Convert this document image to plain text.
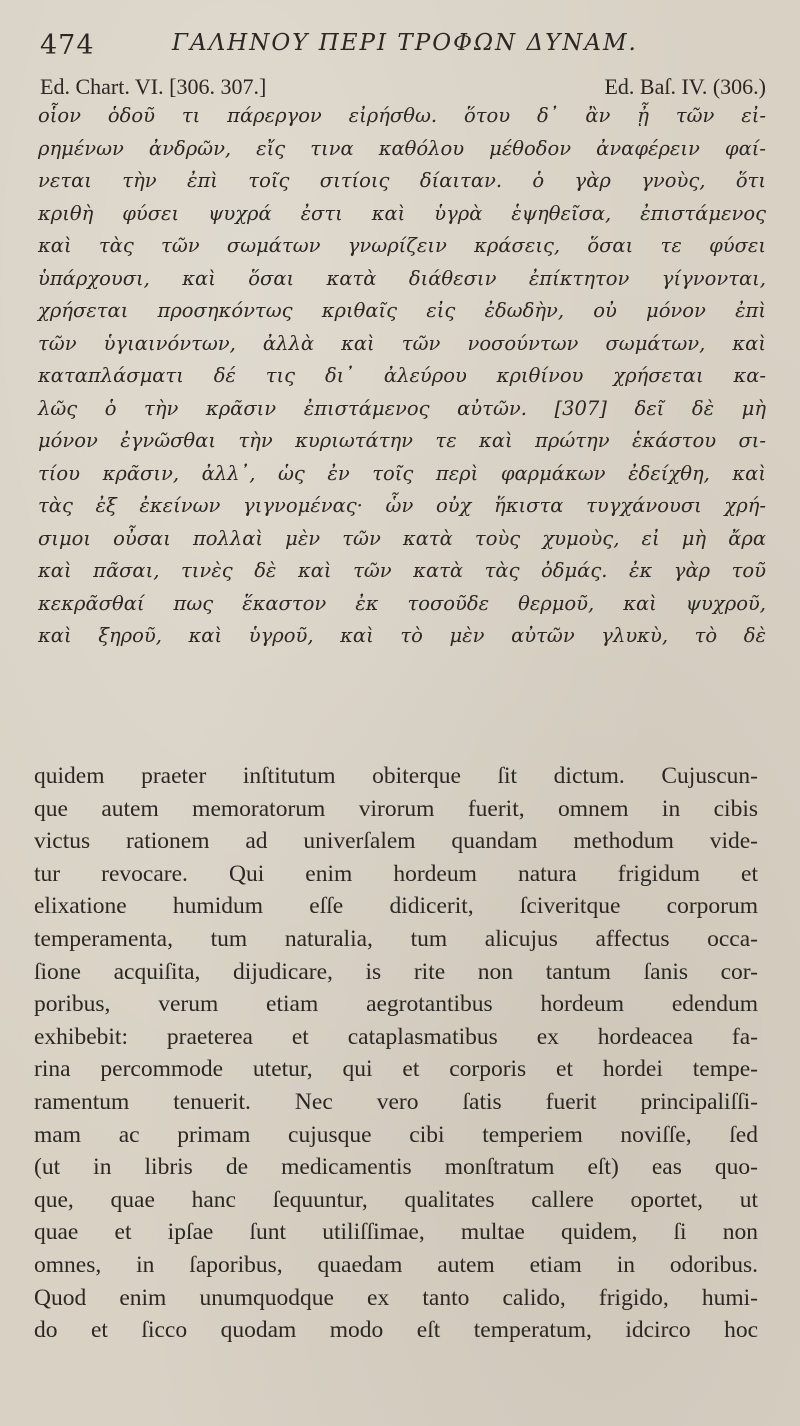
474	ΓΑΛΗΝΟΥ ΠΕΡΙ ΤΡΟΦΩΝ ΔΥΝΑΜ.
Ed. Chart. VI. [306. 307.]	Ed. Baſ. IV. (306.)
οἷον ὁδοῦ τι πάρεργον εἰρήσθω. ὅτου δ᾽ ἂν ᾖ τῶν εἰ-
ρημένων ἀνδρῶν, εἴς τινα καθόλου μέθοδον ἀναφέρειν φαί-
νεται τὴν ἐπὶ τοῖς σιτίοις δίαιταν. ὁ γὰρ γνοὺς, ὅτι
κριθὴ φύσει ψυχρά ἐστι καὶ ὑγρὰ ἑψηθεῖσα, ἐπιστάμενος
καὶ τὰς τῶν σωμάτων γνωρίζειν κράσεις, ὅσαι τε φύσει
ὑπάρχουσι, καὶ ὅσαι κατὰ διάθεσιν ἐπίκτητον γίγνονται,
χρήσεται προσηκόντως κριθαῖς εἰς ἐδωδὴν, οὐ μόνον ἐπὶ
τῶν ὑγιαινόντων, ἀλλὰ καὶ τῶν νοσούντων σωμάτων, καὶ
καταπλάσματι δέ τις δι᾽ ἀλεύρου κριθίνου χρήσεται κα-
λῶς ὁ τὴν κρᾶσιν ἐπιστάμενος αὐτῶν. [307] δεῖ δὲ μὴ
μόνον ἐγνῶσθαι τὴν κυριωτάτην τε καὶ πρώτην ἑκάστου σι-
τίου κρᾶσιν, ἀλλ᾽, ὡς ἐν τοῖς περὶ φαρμάκων ἐδείχθη, καὶ
τὰς ἐξ ἐκείνων γιγνομένας· ὧν οὐχ ἥκιστα τυγχάνουσι χρή-
σιμοι οὖσαι πολλαὶ μὲν τῶν κατὰ τοὺς χυμοὺς, εἰ μὴ ἄρα
καὶ πᾶσαι, τινὲς δὲ καὶ τῶν κατὰ τὰς ὀδμάς. ἐκ γὰρ τοῦ
κεκρᾶσθαί πως ἕκαστον ἐκ τοσοῦδε θερμοῦ, καὶ ψυχροῦ,
καὶ ξηροῦ, καὶ ὑγροῦ, καὶ τὸ μὲν αὐτῶν γλυκὺ, τὸ δὲ
quidem praeter inſtitutum obiterque ſit dictum. Cujuscun-
que autem memoratorum virorum fuerit, omnem in cibis
victus rationem ad univerſalem quandam methodum vide-
tur revocare. Qui enim hordeum natura frigidum et
elixatione humidum eſſe didicerit, ſciveritque corporum
temperamenta, tum naturalia, tum alicujus affectus occa-
ſione acquiſita, dijudicare, is rite non tantum ſanis cor-
poribus, verum etiam aegrotantibus hordeum edendum
exhibebit: praeterea et cataplasmatibus ex hordeacea fa-
rina percommode utetur, qui et corporis et hordei tempe-
ramentum tenuerit. Nec vero ſatis fuerit principaliſſi-
mam ac primam cujusque cibi temperiem noviſſe, ſed
(ut in libris de medicamentis monſtratum eſt) eas quo-
que, quae hanc ſequuntur, qualitates callere oportet, ut
quae et ipſae ſunt utiliſſimae, multae quidem, ſi non
omnes, in ſaporibus, quaedam autem etiam in odoribus.
Quod enim unumquodque ex tanto calido, frigido, humi-
do et ſicco quodam modo eſt temperatum, idcirco hoc
